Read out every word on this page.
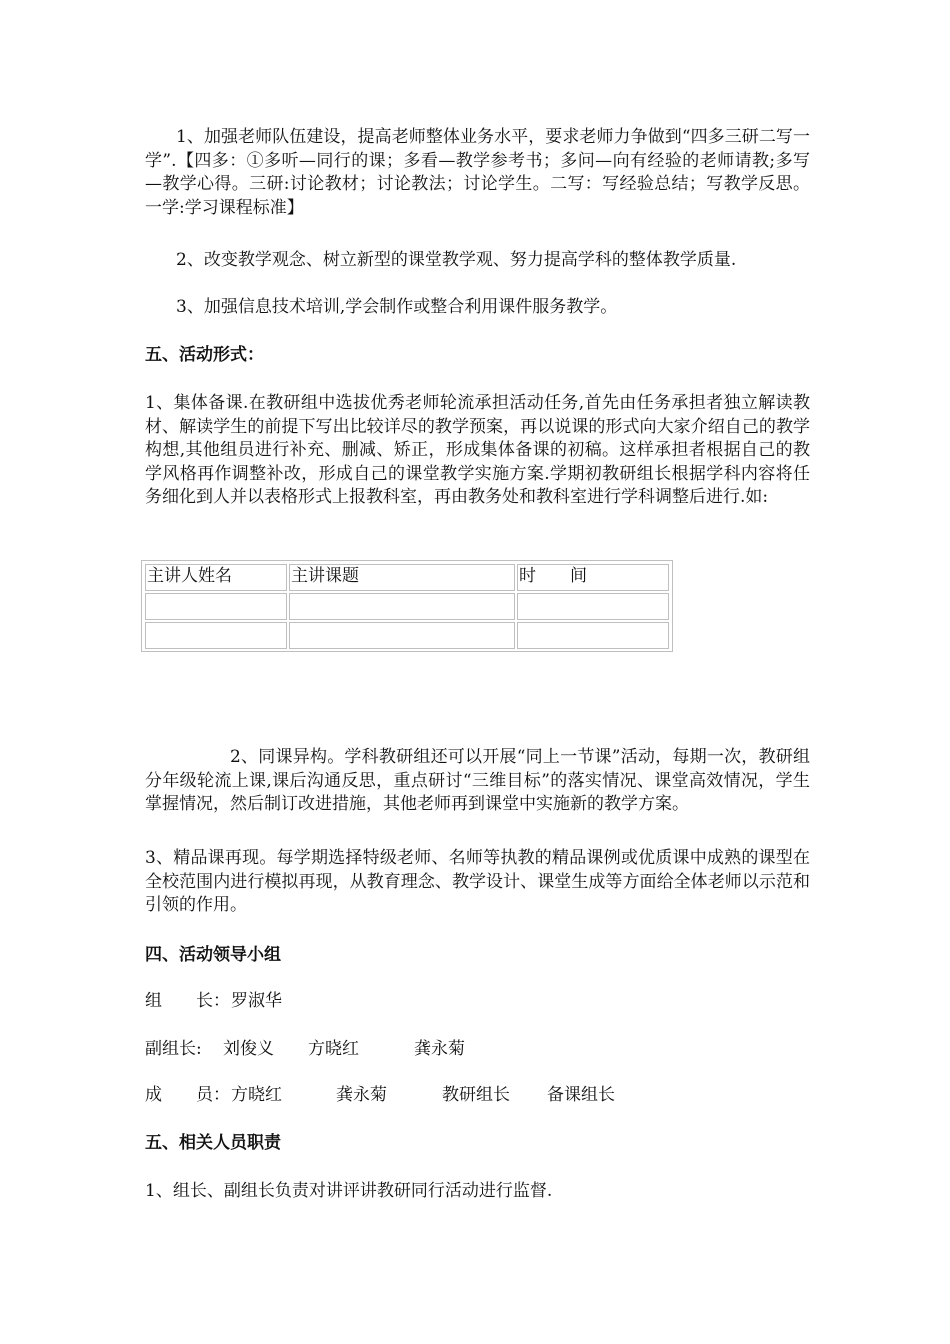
1、加强老师队伍建设，提高老师整体业务水平，要求老师力争做到“四多三研二写一学”.【四多：①多听—同行的课；多看—教学参考书；多问—向有经验的老师请教;多写—教学心得。三研:讨论教材；讨论教法；讨论学生。二写：写经验总结；写教学反思。一学:学习课程标准】

2、改变教学观念、树立新型的课堂教学观、努力提高学科的整体教学质量.

3、加强信息技术培训,学会制作或整合利用课件服务教学。

五、活动形式：

1、集体备课.在教研组中选拔优秀老师轮流承担活动任务,首先由任务承担者独立解读教材、解读学生的前提下写出比较详尽的教学预案，再以说课的形式向大家介绍自己的教学构想,其他组员进行补充、删减、矫正，形成集体备课的初稿。这样承担者根据自己的教学风格再作调整补改，形成自己的课堂教学实施方案.学期初教研组长根据学科内容将任务细化到人并以表格形式上报教科室，再由教务处和教科室进行学科调整后进行.如:

主讲人姓名	主讲课题	时　　间

2、同课异构。学科教研组还可以开展“同上一节课”活动，每期一次，教研组分年级轮流上课,课后沟通反思，重点研讨“三维目标”的落实情况、课堂高效情况，学生掌握情况，然后制订改进措施，其他老师再到课堂中实施新的教学方案。

3、精品课再现。每学期选择特级老师、名师等执教的精品课例或优质课中成熟的课型在全校范围内进行模拟再现，从教育理念、教学设计、课堂生成等方面给全体老师以示范和引领的作用。

四、活动领导小组

组　　长：

罗淑华

副组长:

刘俊义

方晓红

	龚永菊

成　　员：

方晓红

	龚永菊

	教研组长

备课组长

五、相关人员职责

1、组长、副组长负责对讲评讲教研同行活动进行监督.
